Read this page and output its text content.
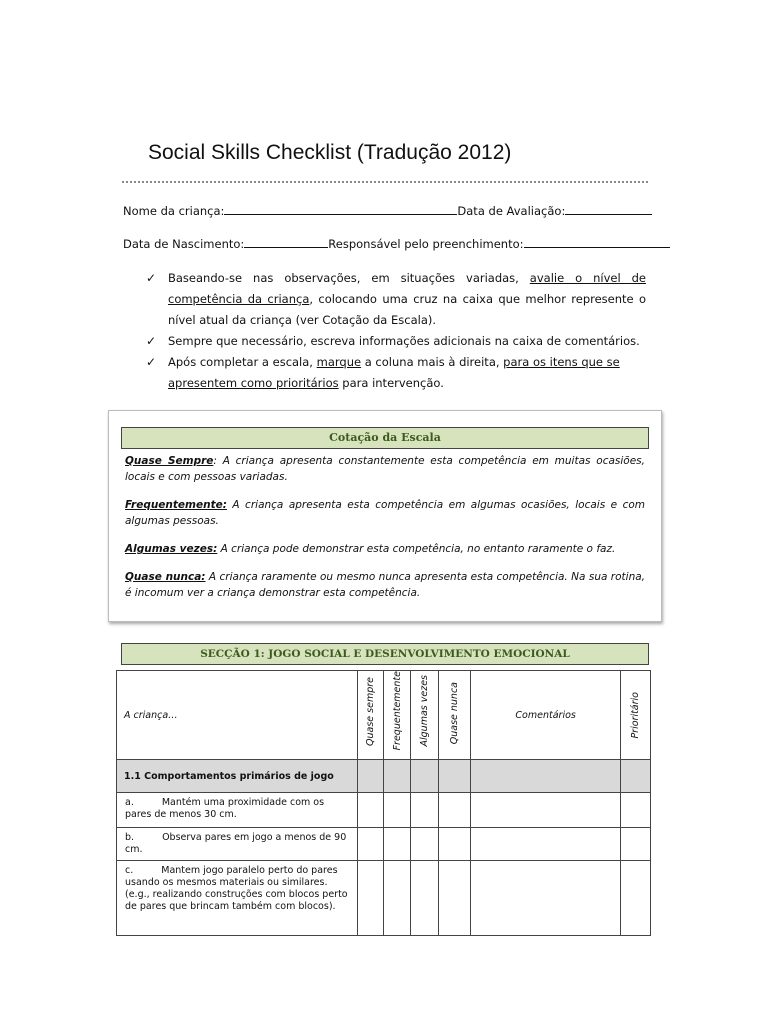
Social Skills Checklist (Tradução 2012)
Nome da criança:	Data de Avaliação:
Data de Nascimento:	Responsável pelo preenchimento:
✓ Baseando-se nas observações, em situações variadas, avalie o nível de competência da criança, colocando uma cruz na caixa que melhor represente o nível atual da criança (ver Cotação da Escala).
✓ Sempre que necessário, escreva informações adicionais na caixa de comentários.
✓ Após completar a escala, marque a coluna mais à direita, para os itens que se apresentem como prioritários para intervenção.
Cotação da Escala
Quase Sempre: A criança apresenta constantemente esta competência em muitas ocasiões, locais e com pessoas variadas.
Frequentemente: A criança apresenta esta competência em algumas ocasiões, locais e com algumas pessoas.
Algumas vezes: A criança pode demonstrar esta competência, no entanto raramente o faz.
Quase nunca: A criança raramente ou mesmo nunca apresenta esta competência. Na sua rotina, é incomum ver a criança demonstrar esta competência.
SECÇÃO 1: JOGO SOCIAL E DESENVOLVIMENTO EMOCIONAL
A criança…	Quase sempre	Frequentemente	Algumas vezes	Quase nunca	Comentários	Prioritário
1.1 Comportamentos primários de jogo						
a. Mantém uma proximidade com os pares de menos 30 cm.						
b. Observa pares em jogo a menos de 90 cm.						
c. Mantem jogo paralelo perto do pares usando os mesmos materiais ou similares. (e.g., realizando construções com blocos perto de pares que brincam também com blocos).						
